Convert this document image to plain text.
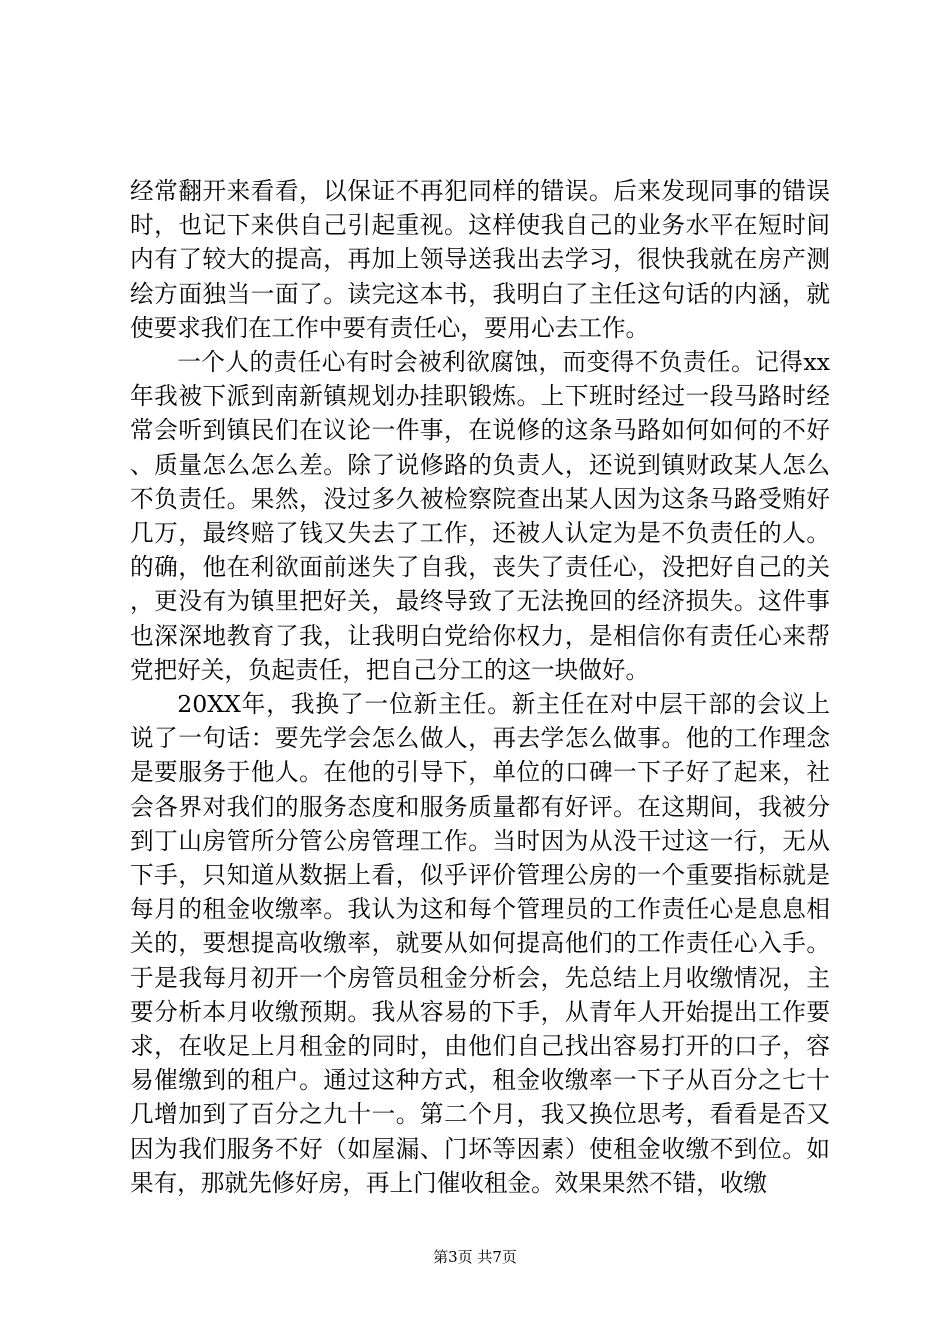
经常翻开来看看，以保证不再犯同样的错误。后来发现同事的错误时，也记下来供自己引起重视。这样使我自己的业务水平在短时间内有了较大的提高，再加上领导送我出去学习，很快我就在房产测绘方面独当一面了。读完这本书，我明白了主任这句话的内涵，就使要求我们在工作中要有责任心，要用心去工作。

一个人的责任心有时会被利欲腐蚀，而变得不负责任。记得xx年我被下派到南新镇规划办挂职锻炼。上下班时经过一段马路时经常会听到镇民们在议论一件事，在说修的这条马路如何如何的不好、质量怎么怎么差。除了说修路的负责人，还说到镇财政某人怎么不负责任。果然，没过多久被检察院查出某人因为这条马路受贿好几万，最终赔了钱又失去了工作，还被人认定为是不负责任的人。的确，他在利欲面前迷失了自我，丧失了责任心，没把好自己的关，更没有为镇里把好关，最终导致了无法挽回的经济损失。这件事也深深地教育了我，让我明白党给你权力，是相信你有责任心来帮党把好关，负起责任，把自己分工的这一块做好。

20XX年，我换了一位新主任。新主任在对中层干部的会议上说了一句话：要先学会怎么做人，再去学怎么做事。他的工作理念是要服务于他人。在他的引导下，单位的口碑一下子好了起来，社会各界对我们的服务态度和服务质量都有好评。在这期间，我被分到丁山房管所分管公房管理工作。当时因为从没干过这一行，无从下手，只知道从数据上看，似乎评价管理公房的一个重要指标就是每月的租金收缴率。我认为这和每个管理员的工作责任心是息息相关的，要想提高收缴率，就要从如何提高他们的工作责任心入手。于是我每月初开一个房管员租金分析会，先总结上月收缴情况，主要分析本月收缴预期。我从容易的下手，从青年人开始提出工作要求，在收足上月租金的同时，由他们自己找出容易打开的口子，容易催缴到的租户。通过这种方式，租金收缴率一下子从百分之七十几增加到了百分之九十一。第二个月，我又换位思考，看看是否又因为我们服务不好（如屋漏、门坏等因素）使租金收缴不到位。如果有，那就先修好房，再上门催收租金。效果果然不错，收缴

第3页 共7页
